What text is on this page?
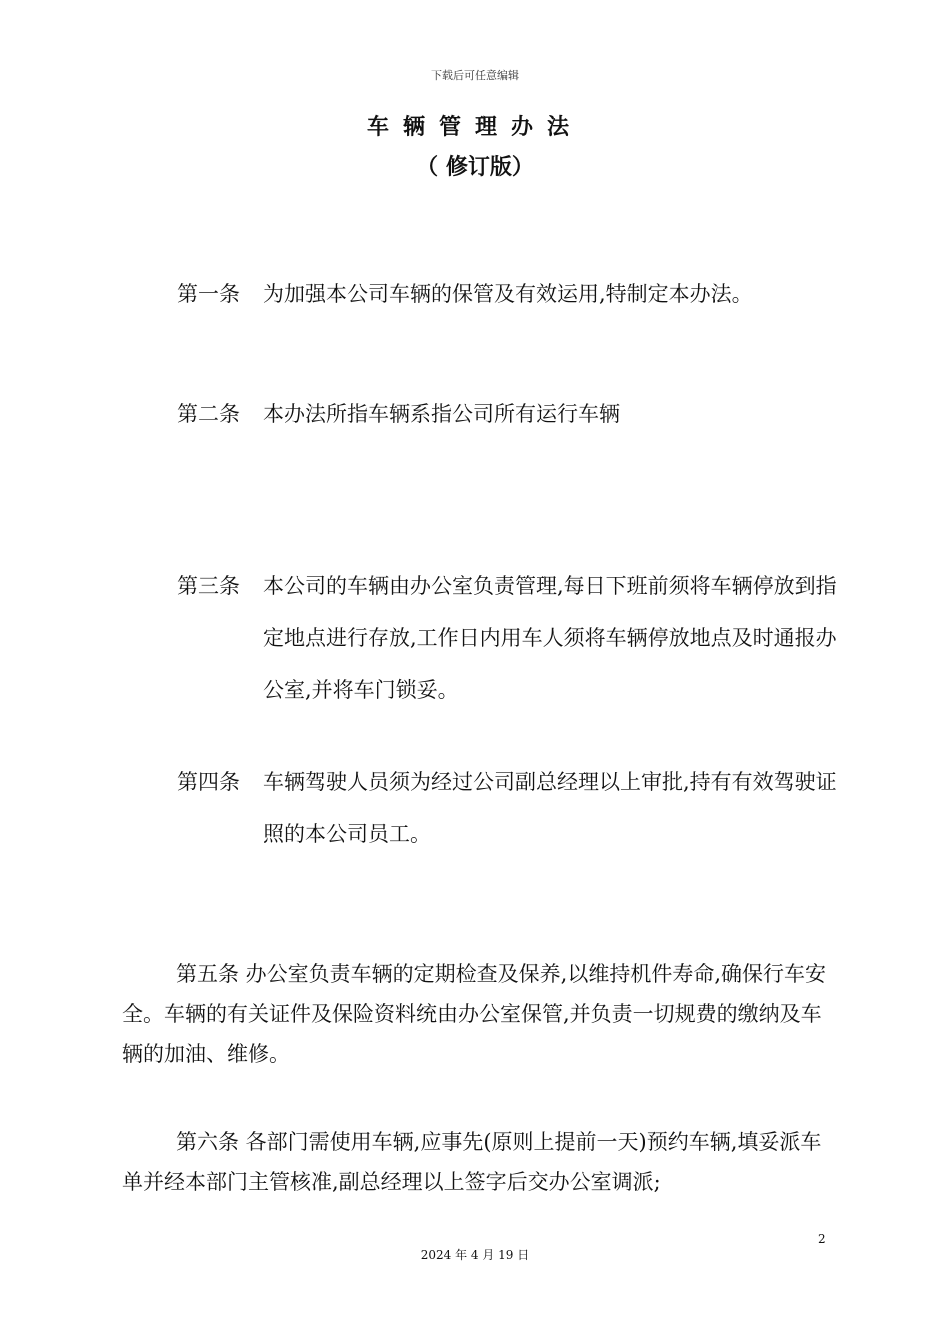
下载后可任意编辑
车辆管理办法
（ 修订版）
第一条	为加强本公司车辆的保管及有效运用,特制定本办法。
第二条	本办法所指车辆系指公司所有运行车辆
第三条	本公司的车辆由办公室负责管理,每日下班前须将车辆停放到指定地点进行存放,工作日内用车人须将车辆停放地点及时通报办公室,并将车门锁妥。
第四条	车辆驾驶人员须为经过公司副总经理以上审批,持有有效驾驶证照的本公司员工。
第五条 办公室负责车辆的定期检查及保养,以维持机件寿命,确保行车安全。车辆的有关证件及保险资料统由办公室保管,并负责一切规费的缴纳及车辆的加油、维修。
第六条 各部门需使用车辆,应事先(原则上提前一天)预约车辆,填妥派车单并经本部门主管核准,副总经理以上签字后交办公室调派;
2
2024 年 4 月 19 日
